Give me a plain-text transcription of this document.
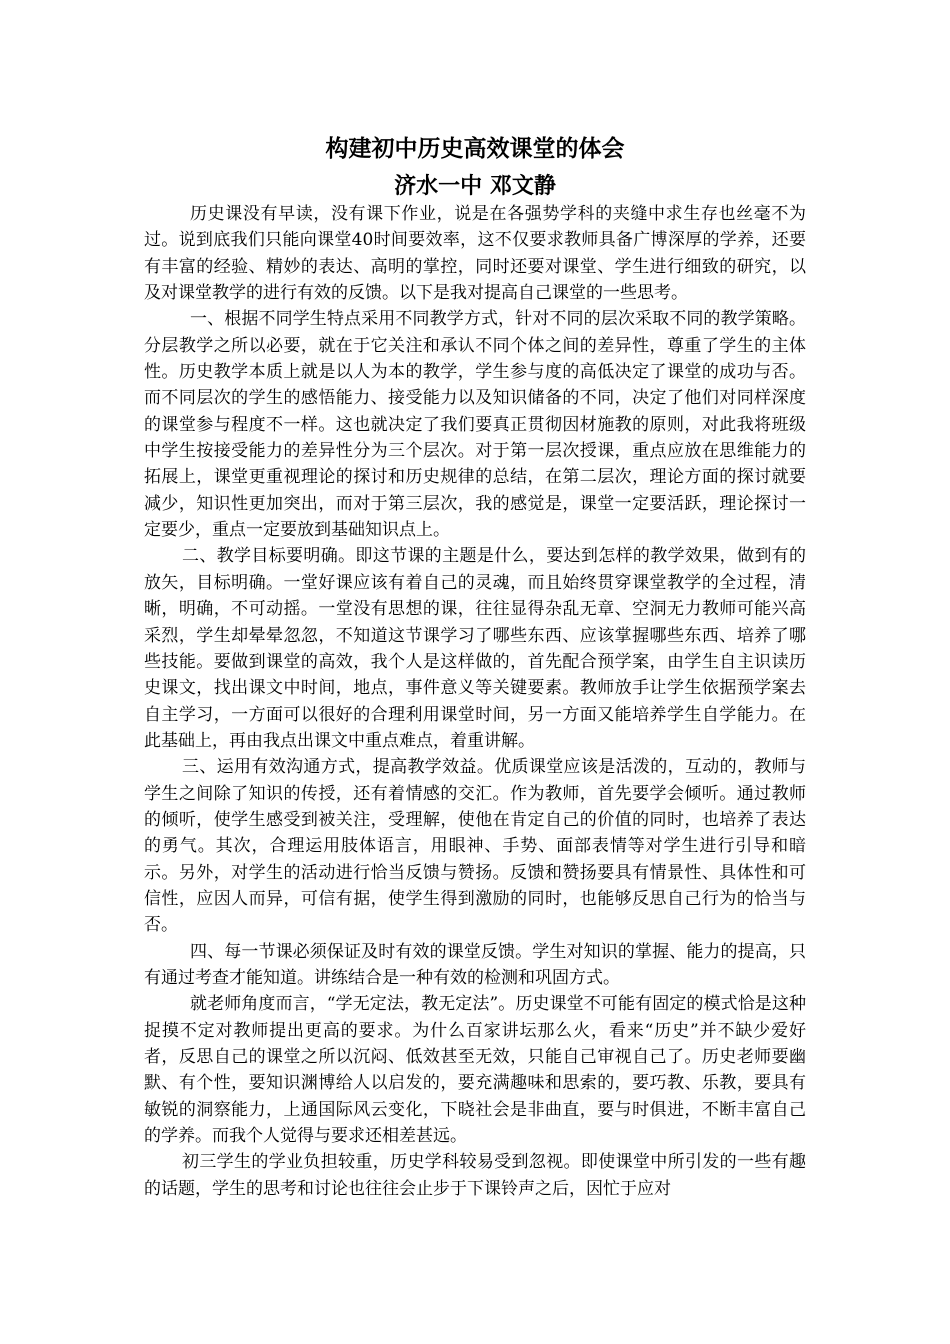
构建初中历史高效课堂的体会
济水一中 邓文静

历史课没有早读，没有课下作业，说是在各强势学科的夹缝中求生存也丝毫不为过。说到底我们只能向课堂40时间要效率，这不仅要求教师具备广博深厚的学养，还要有丰富的经验、精妙的表达、高明的掌控，同时还要对课堂、学生进行细致的研究，以及对课堂教学的进行有效的反馈。以下是我对提高自己课堂的一些思考。

一、根据不同学生特点采用不同教学方式，针对不同的层次采取不同的教学策略。分层教学之所以必要，就在于它关注和承认不同个体之间的差异性，尊重了学生的主体性。历史教学本质上就是以人为本的教学，学生参与度的高低决定了课堂的成功与否。而不同层次的学生的感悟能力、接受能力以及知识储备的不同，决定了他们对同样深度的课堂参与程度不一样。这也就决定了我们要真正贯彻因材施教的原则，对此我将班级中学生按接受能力的差异性分为三个层次。对于第一层次授课，重点应放在思维能力的拓展上，课堂更重视理论的探讨和历史规律的总结，在第二层次，理论方面的探讨就要减少，知识性更加突出，而对于第三层次，我的感觉是，课堂一定要活跃，理论探讨一定要少，重点一定要放到基础知识点上。

二、教学目标要明确。即这节课的主题是什么，要达到怎样的教学效果，做到有的放矢，目标明确。一堂好课应该有着自己的灵魂，而且始终贯穿课堂教学的全过程，清晰，明确，不可动摇。一堂没有思想的课，往往显得杂乱无章、空洞无力教师可能兴高采烈，学生却晕晕忽忽，不知道这节课学习了哪些东西、应该掌握哪些东西、培养了哪些技能。要做到课堂的高效，我个人是这样做的，首先配合预学案，由学生自主识读历史课文，找出课文中时间，地点，事件意义等关键要素。教师放手让学生依据预学案去自主学习，一方面可以很好的合理利用课堂时间，另一方面又能培养学生自学能力。在此基础上，再由我点出课文中重点难点，着重讲解。

三、运用有效沟通方式，提高教学效益。优质课堂应该是活泼的，互动的，教师与学生之间除了知识的传授，还有着情感的交汇。作为教师，首先要学会倾听。通过教师的倾听，使学生感受到被关注，受理解，使他在肯定自己的价值的同时，也培养了表达的勇气。其次，合理运用肢体语言，用眼神、手势、面部表情等对学生进行引导和暗示。另外，对学生的活动进行恰当反馈与赞扬。反馈和赞扬要具有情景性、具体性和可信性，应因人而异，可信有据，使学生得到激励的同时，也能够反思自己行为的恰当与否。

四、每一节课必须保证及时有效的课堂反馈。学生对知识的掌握、能力的提高，只有通过考查才能知道。讲练结合是一种有效的检测和巩固方式。

就老师角度而言，“学无定法，教无定法”。历史课堂不可能有固定的模式恰是这种捉摸不定对教师提出更高的要求。为什么百家讲坛那么火，看来“历史”并不缺少爱好者，反思自己的课堂之所以沉闷、低效甚至无效，只能自己审视自己了。历史老师要幽默、有个性，要知识渊博给人以启发的，要充满趣味和思索的，要巧教、乐教，要具有敏锐的洞察能力，上通国际风云变化，下晓社会是非曲直，要与时俱进，不断丰富自己的学养。而我个人觉得与要求还相差甚远。

初三学生的学业负担较重，历史学科较易受到忽视。即使课堂中所引发的一些有趣的话题，学生的思考和讨论也往往会止步于下课铃声之后，因忙于应对
